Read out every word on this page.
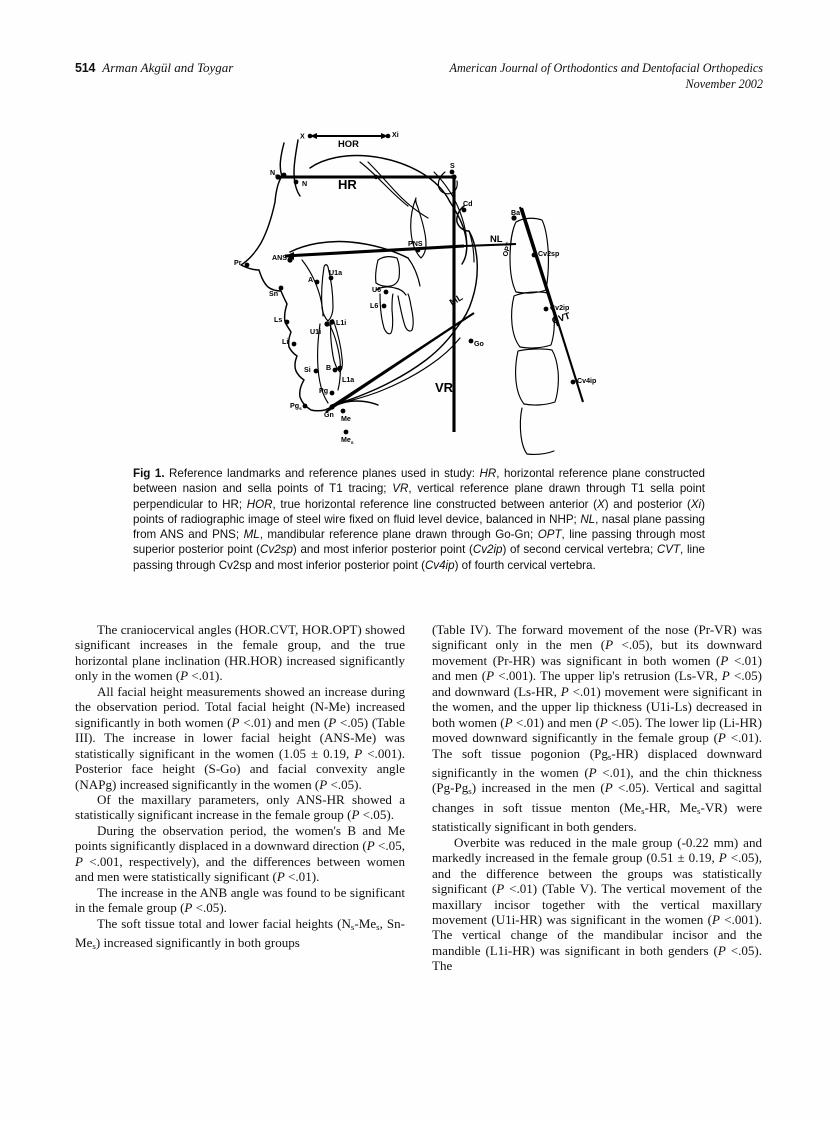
514 Arman Akgül and Toygar	American Journal of Orthodontics and Dentofacial Orthopedics
November 2002
X	Xi
HOR
NL
HR
VR
ML
OPT
CVT
$N_s$
N
S
Cd
Ba
Pr
ANS
PNS
Sn
A
U1a
U6
L6
Ls
U1i
L1i
Li
Si B
L1a
Pg
$Pg_s$
Gn Me
$Me_s$
Go
Cv2sp
Cv2ip
Cv4ip
Fig 1. Reference landmarks and reference planes used in study: HR, horizontal reference plane constructed between nasion and sella points of T1 tracing; VR, vertical reference plane drawn through T1 sella point perpendicular to HR; HOR, true horizontal reference line constructed between anterior (X) and posterior (Xi) points of radiographic image of steel wire fixed on fluid level device, balanced in NHP; NL, nasal plane passing from ANS and PNS; ML, mandibular reference plane drawn through Go-Gn; OPT, line passing through most superior posterior point (Cv2sp) and most inferior posterior point (Cv2ip) of second cervical vertebra; CVT, line passing through Cv2sp and most inferior posterior point (Cv4ip) of fourth cervical vertebra.

The craniocervical angles (HOR.CVT, HOR.OPT) showed significant increases in the female group, and the true horizontal plane inclination (HR.HOR) increased significantly only in the women (P <.01).

All facial height measurements showed an increase during the observation period. Total facial height (N-Me) increased significantly in both women (P <.01) and men (P <.05) (Table III). The increase in lower facial height (ANS-Me) was statistically significant in the women (1.05 ± 0.19, P <.001). Posterior face height (S-Go) and facial convexity angle (NAPg) increased significantly in the women (P <.05).

Of the maxillary parameters, only ANS-HR showed a statistically significant increase in the female group (P <.05).

During the observation period, the women's B and Me points significantly displaced in a downward direction (P <.05, P <.001, respectively), and the differences between women and men were statistically significant (P <.01).

The increase in the ANB angle was found to be significant in the female group (P <.05).

The soft tissue total and lower facial heights ($N_s-Me_s$, $Sn-Me_s$) increased significantly in both groups

(Table IV). The forward movement of the nose (Pr-VR) was significant only in the men (P <.05), but its downward movement (Pr-HR) was significant in both women (P <.01) and men (P <.001). The upper lip's retrusion (Ls-VR, P <.05) and downward (Ls-HR, P <.01) movement were significant in the women, and the upper lip thickness (U1i-Ls) decreased in both women (P <.01) and men (P <.05). The lower lip (Li-HR) moved downward significantly in the female group (P <.01). The soft tissue pogonion $(Pg_s-HR)$ displaced downward significantly in the women (P <.01), and the chin thickness $(Pg-Pg_s)$ increased in the men (P <.05). Vertical and sagittal changes in soft tissue menton ($Me_s-HR$, $Me_s-VR$) were statistically significant in both genders.

Overbite was reduced in the male group (-0.22 mm) and markedly increased in the female group (0.51 ± 0.19, P <.05), and the difference between the groups was statistically significant (P <.01) (Table V). The vertical movement of the maxillary incisor together with the vertical maxillary movement (U1i-HR) was significant in the women (P <.001). The vertical change of the mandibular incisor and the mandible (L1i-HR) was significant in both genders (P <.05). The
